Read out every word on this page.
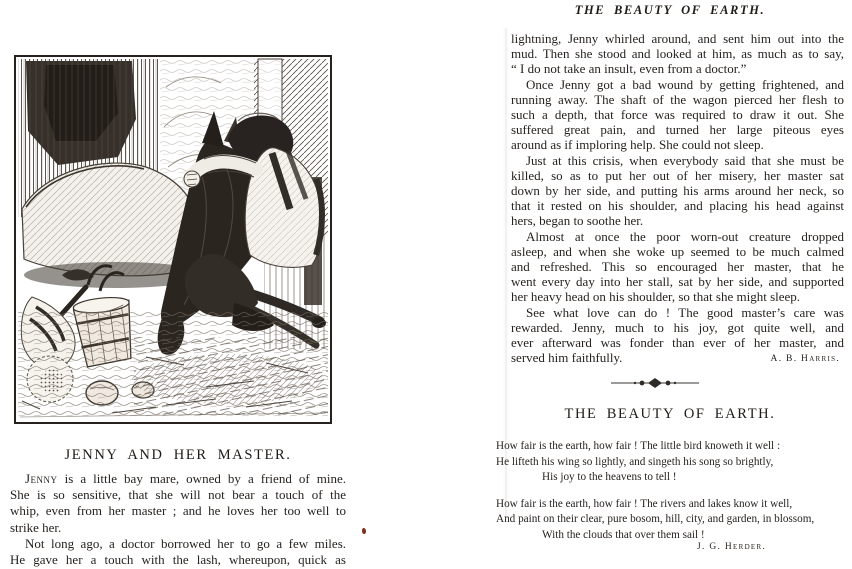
JENNY AND HER MASTER.
Jenny is a little bay mare, owned by a friend of mine.
She is so sensitive, that she will not bear a touch of the
whip, even from her master ; and he loves her too well to
strike her.
Not long ago, a doctor borrowed her to go a few miles.
He gave her a touch with the lash, whereupon, quick as
THE BEAUTY OF EARTH.
lightning, Jenny whirled around, and sent him out into the
mud. Then she stood and looked at him, as much as to say,
“ I do not take an insult, even from a doctor.”
Once Jenny got a bad wound by getting frightened, and
running away. The shaft of the wagon pierced her flesh to
such a depth, that force was required to draw it out. She
suffered great pain, and turned her large piteous eyes
around as if imploring help. She could not sleep.
Just at this crisis, when everybody said that she must be
killed, so as to put her out of her misery, her master sat
down by her side, and putting his arms around her neck, so
that it rested on his shoulder, and placing his head against
hers, began to soothe her.
Almost at once the poor worn-out creature dropped
asleep, and when she woke up seemed to be much calmed
and refreshed. This so encouraged her master, that he
went every day into her stall, sat by her side, and supported
her heavy head on his shoulder, so that she might sleep.
See what love can do ! The good master’s care was
rewarded. Jenny, much to his joy, got quite well, and
ever afterward was fonder than ever of her master, and
served him faithfully.	A. B. Harris.
THE BEAUTY OF EARTH.
How fair is the earth, how fair ! The little bird knoweth it well :
He lifteth his wing so lightly, and singeth his song so brightly,
His joy to the heavens to tell !
How fair is the earth, how fair ! The rivers and lakes know it well,
And paint on their clear, pure bosom, hill, city, and garden, in blossom,
With the clouds that over them sail !
J. G. Herder.
